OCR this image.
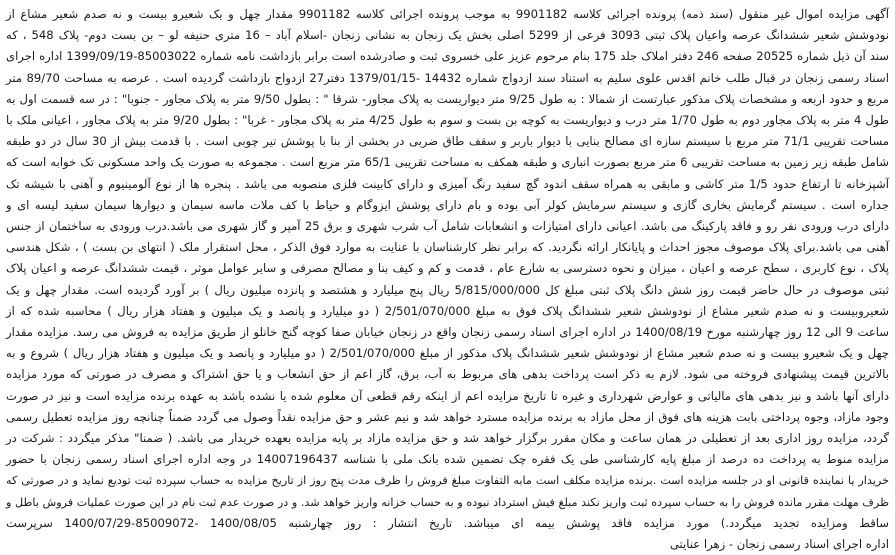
آگهی مزایده اموال غیر منقول (سند ذمه) پرونده اجرائی کلاسه 9901182 به موجب پرونده اجرائی کلاسه 9901182 مقدار چهل و یک شعیرو بیست و نه صدم شعیر مشاع از
نودوشش شعیر ششدانگ عرصه واعیان پلاک ثبتی 3093 فرعی از 5299 اصلی بخش یک زنجان به نشانی زنجان -اسلام آباد – 16 متری حنیفه لو – بن بست دوم- پلاک 548 ، که
سند آن ذیل شماره 20525 صفحه 246 دفتر املاک جلد 175 بنام مرحوم عزیز علی خسروی ثبت و صادرشده است برابر بازداشت نامه شماره 85003022-1399/09/19 اداره اجرای
اسناد رسمی زنجان در قبال طلب خانم اقدس علوی سلیم به استناد سند ازدواج شماره 14432 -1379/01/15 دفتر27 ازدواج بازداشت گردیده است . عرصه به مساحت 89/70 متر
مربع و حدود اربعه و مشخصات پلاک مذکور عبارتست از شمالا : به طول 9/25 متر دیواریست به پلاک مجاور- شرقا " : بطول 9/50 متر به پلاک مجاور - جنوبا" : در سه قسمت اول به
طول 4 متر به پلاک مجاور دوم به طول 1/70 متر درب و دیواریست به کوچه بن بست و سوم به طول 4/25 متر به پلاک مجاور - غربا" : بطول 9/20 متر به پلاک مجاور ، اعیانی ملک با
مساحت تقریبی 71/1 متر مربع با سیستم سازه ای مصالح بنایی با دیوار باربر و سقف طاق ضربی در بخشی از بنا با پوشش تیر چوبی است . با قدمت بیش از 30 سال در دو طبقه
شامل طبقه زیر زمین به مساحت تقریبی 6 متر مربع بصورت انباری و طبقه همکف به مساحت تقریبی 65/1 متر مربع است . مجموعه به صورت یک واحد مسکونی تک خوابه است که
آشپزخانه تا ارتفاع حدود 1/5 متر کاشی و مابقی به همراه سقف اندود گچ سفید رنگ آمیزی و دارای کابینت فلزی منصوبه می باشد . پنجره ها از نوع آلومینیوم و آهنی با شیشه تک
جداره است . سیستم گرمایش بخاری گازی و سیستم سرمایش کولر آبی بوده و بام دارای پوشش ایزوگام و حیاط با کف ملات ماسه سیمان و دیوارها سیمان سفید لیسه ای و
دارای درب ورودی نفر رو و فاقد پارکینگ می باشد. اعیانی دارای امتیازات و انشعابات شامل آب شرب شهری و برق 25 آمپر و گاز شهری می باشد.درب ورودی به ساختمان از جنس
آهنی می باشد.برای پلاک موصوف مجوز احداث و پایانکار ارائه نگردید. که برابر نظر کارشناسان با عنایت به موارد فوق الذکر ، محل استقرار ملک ( انتهای بن بست ) ، شکل هندسی
پلاک ، نوع کاربری ، سطح عرصه و اعیان ، میزان و نحوه دسترسی به شارع عام ، قدمت و کم و کیف بنا و مصالح مصرفی و سایر عوامل موثر ، قیمت ششدانگ عرصه و اعیان پلاک
ثبتی موصوف در حال حاضر قیمت روز شش دانگ پلاک ثبتی مبلغ کل 5/815/000/000 ریال پنج میلیارد و هشتصد و پانزده میلیون ریال ) بر آورد گردیده است. مقدار چهل و یک
شعیروبیست و نه صدم شعیر مشاع از نودوشش شعیر ششدانگ پلاک فوق به مبلغ 2/501/070/000 ( دو میلیارد و پانصد و یک میلیون و هفتاد هزار ریال ) محاسبه شده که از
ساعت 9 الی 12 روز چهارشنبه مورخ 1400/08/19 در اداره اجرای اسناد رسمی زنجان واقع در زنجان خیابان صفا کوچه گنج خانلو از طریق مزایده به فروش می رسد. مزایده مقدار
چهل و یک شعیرو بیست و نه صدم شعیر مشاع از نودوشش شعیر ششدانگ پلاک مذکور از مبلغ 2/501/070/000 ( دو میلیارد و پانصد و یک میلیون و هفتاد هزار ریال ) شروع و به
بالاترین قیمت پیشنهادی فروخته می شود. لازم به ذکر است پرداخت بدهی های مربوط به آب، برق، گاز اعم از حق انشعاب و یا حق اشتراک و مصرف در صورتی که مورد مزایده
دارای آنها باشد و نیز بدهی های مالیاتی و عوارض شهرداری و غیره تا تاریخ مزایده اعم از اینکه رقم قطعی آن معلوم شده یا نشده باشد به عهده برنده مزایده است و نیز در صورت
وجود مازاد، وجوه پرداختی بابت هزینه های فوق از محل مازاد به برنده مزایده مسترد خواهد شد و نیم عشر و حق مزایده نقداً وصول می گردد ضمناً چنانچه روز مزایده تعطیل رسمی
گردد، مزایده روز اداری بعد از تعطیلی در همان ساعت و مکان مقرر برگزار خواهد شد و حق مزایده مازاد بر پایه مزایده بعهده خریدار می باشد. ( ضمنا" مذکر میگردد : شرکت در
مزایده منوط به پرداخت ده درصد از مبلغ پایه کارشناسی طی یک فقره چک تضمین شده بانک ملی با شناسه 14007196437 در وجه اداره اجرای اسناد رسمی زنجان با حضور
خریدار یا نماینده قانونی او در جلسه مزایده است .برنده مزایده مکلف است مابه التفاوت مبلغ فروش را ظرف مدت پنج روز از تاریخ مزایده به حساب سپرده ثبت تودیع نماید و در صورتی که
ظرف مهلت مقرر مانده فروش را به حساب سپرده ثبت واریز نکند مبلغ فیش استرداد نبوده و به حساب خزانه واریز خواهد شد. و در صورت عدم ثبت نام در این صورت عملیات فروش باطل و
ساقط ومزایده تجدید میگردد.) مورد مزایده فاقد پوشش بیمه ای میباشد. تاریخ انتشار : روز چهارشنبه 1400/08/05 -85009072-1400/07/29 سرپرست
اداره اجرای اسناد رسمی زنجان - زهرا عنایتی
